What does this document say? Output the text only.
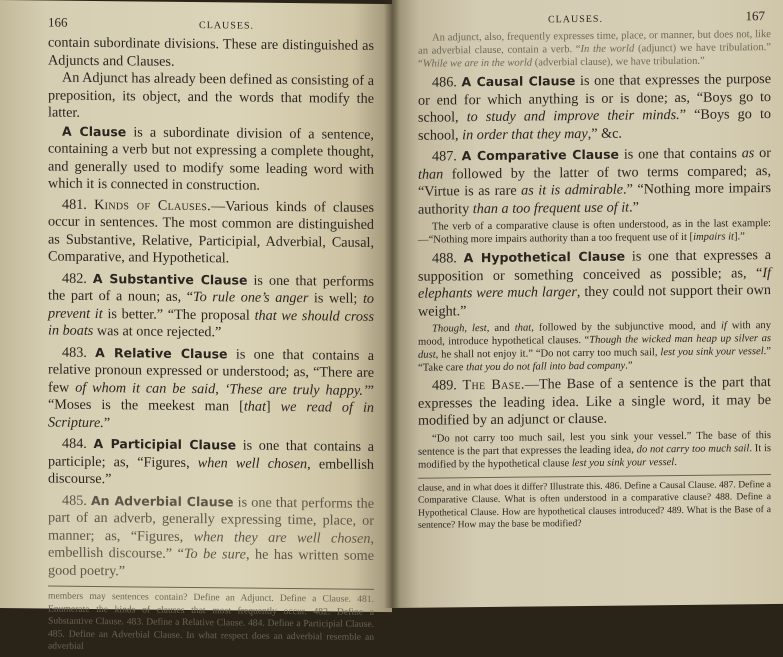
166	CLAUSES.

contain subordinate divisions. These are distinguished as Adjuncts and Clauses.

An Adjunct has already been defined as consisting of a preposition, its object, and the words that modify the latter.

A Clause is a subordinate division of a sentence, containing a verb but not expressing a complete thought, and generally used to modify some leading word with which it is connected in construction.

481. Kinds of Clauses.—Various kinds of clauses occur in sentences. The most common are distinguished as Substantive, Relative, Participial, Adverbial, Causal, Comparative, and Hypothetical.

482. A Substantive Clause is one that performs the part of a noun; as, “To rule one’s anger is well; to prevent it is better.” “The proposal that we should cross in boats was at once rejected.”

483. A Relative Clause is one that contains a relative pronoun expressed or understood; as, “There are few of whom it can be said, ‘These are truly happy.’” “Moses is the meekest man [that] we read of in Scripture.”

484. A Participial Clause is one that contains a participle; as, “Figures, when well chosen, embellish discourse.”

485. An Adverbial Clause is one that performs the part of an adverb, generally expressing time, place, or manner; as, “Figures, when they are well chosen, embellish discourse.” “To be sure, he has written some good poetry.”

members may sentences contain? Define an Adjunct. Define a Clause. 481. Enumerate the kinds of clauses that most frequently occur. 482. Define a Substantive Clause. 483. Define a Relative Clause. 484. Define a Participial Clause. 485. Define an Adverbial Clause. In what respect does an adverbial resemble an adverbial
CLAUSES.	167

An adjunct, also, frequently expresses time, place, or manner, but does not, like an adverbial clause, contain a verb. “In the world (adjunct) we have tribulation.” “While we are in the world (adverbial clause), we have tribulation.”

486. A Causal Clause is one that expresses the purpose or end for which anything is or is done; as, “Boys go to school, to study and improve their minds.” “Boys go to school, in order that they may,” &c.

487. A Comparative Clause is one that contains as or than followed by the latter of two terms compared; as, “Virtue is as rare as it is admirable.” “Nothing more impairs authority than a too frequent use of it.”

The verb of a comparative clause is often understood, as in the last example:—“Nothing more impairs authority than a too frequent use of it [impairs it].”

488. A Hypothetical Clause is one that expresses a supposition or something conceived as possible; as, “If elephants were much larger, they could not support their own weight.”

Though, lest, and that, followed by the subjunctive mood, and if with any mood, introduce hypothetical clauses. “Though the wicked man heap up silver as dust, he shall not enjoy it.” “Do not carry too much sail, lest you sink your vessel.” “Take care that you do not fall into bad company.”

489. The Base.—The Base of a sentence is the part that expresses the leading idea. Like a single word, it may be modified by an adjunct or clause.

“Do not carry too much sail, lest you sink your vessel.” The base of this sentence is the part that expresses the leading idea, do not carry too much sail. It is modified by the hypothetical clause lest you sink your vessel.

clause, and in what does it differ? Illustrate this. 486. Define a Causal Clause. 487. Define a Comparative Clause. What is often understood in a comparative clause? 488. Define a Hypothetical Clause. How are hypothetical clauses introduced? 489. What is the Base of a sentence? How may the base be modified?
